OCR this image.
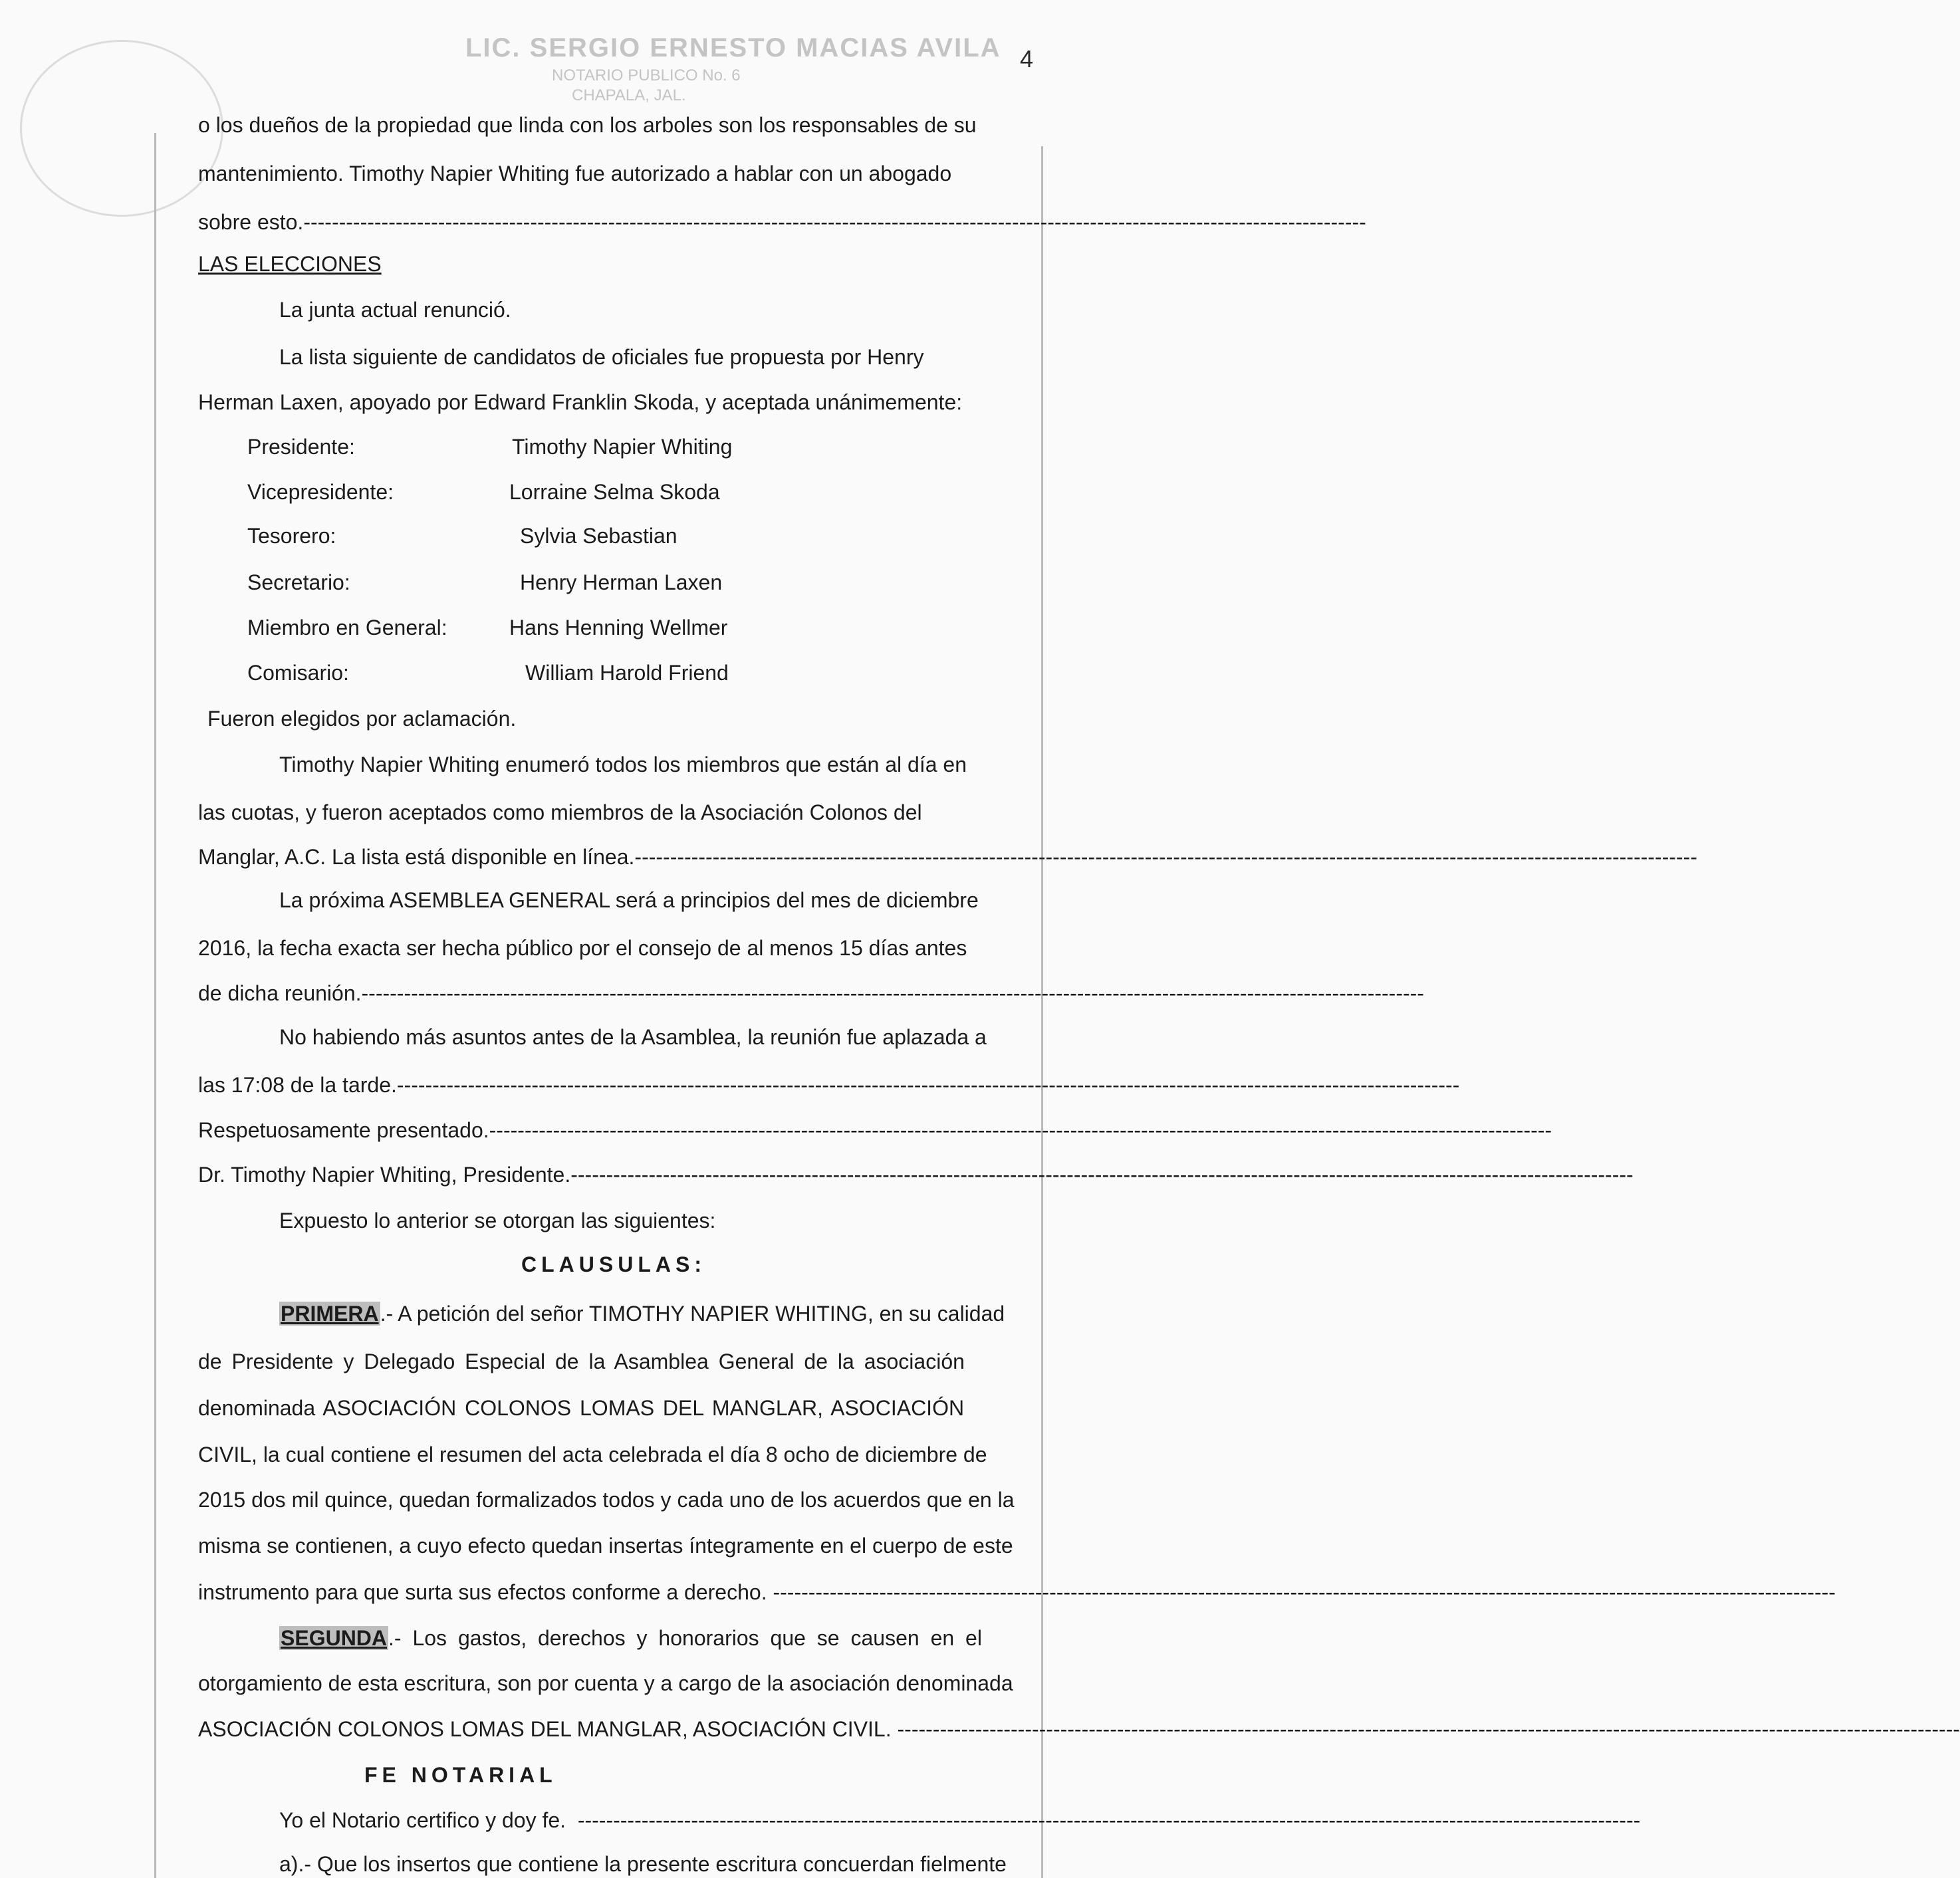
LIC. SERGIO ERNESTO MACIAS AVILA
NOTARIO PUBLICO No. 6
CHAPALA, JAL.
4
o los dueños de la propiedad que linda con los arboles son los responsables de su
mantenimiento. Timothy Napier Whiting fue autorizado a hablar con un abogado
sobre esto.------------------------------------------------------------------------------------------------------------------------------------------------------
LAS ELECCIONES
La junta actual renunció.
La lista siguiente de candidatos de oficiales fue propuesta por Henry
Herman Laxen, apoyado por Edward Franklin Skoda, y aceptada unánimemente:
Presidente:	Timothy Napier Whiting
Vicepresidente:	Lorraine Selma Skoda
Tesorero:	Sylvia Sebastian
Secretario:	Henry Herman Laxen
Miembro en General:	Hans Henning Wellmer
Comisario:	William Harold Friend
Fueron elegidos por aclamación.
Timothy Napier Whiting enumeró todos los miembros que están al día en
las cuotas, y fueron aceptados como miembros de la Asociación Colonos del
Manglar, A.C. La lista está disponible en línea.------------------------------------------------------------------------------------------------------------------------------------------------------
La próxima ASEMBLEA GENERAL será a principios del mes de diciembre
2016, la fecha exacta ser hecha público por el consejo de al menos 15 días antes
de dicha reunión.------------------------------------------------------------------------------------------------------------------------------------------------------
No habiendo más asuntos antes de la Asamblea, la reunión fue aplazada a
las 17:08 de la tarde.------------------------------------------------------------------------------------------------------------------------------------------------------
Respetuosamente presentado.------------------------------------------------------------------------------------------------------------------------------------------------------
Dr. Timothy Napier Whiting, Presidente.------------------------------------------------------------------------------------------------------------------------------------------------------
Expuesto lo anterior se otorgan las siguientes:
CLAUSULAS:
PRIMERA.- A petición del señor TIMOTHY NAPIER WHITING, en su calidad
de Presidente y Delegado Especial de la Asamblea General de la asociación
denominada ASOCIACIÓN COLONOS LOMAS DEL MANGLAR, ASOCIACIÓN
CIVIL, la cual contiene el resumen del acta celebrada el día 8 ocho de diciembre de
2015 dos mil quince, quedan formalizados todos y cada uno de los acuerdos que en la
misma se contienen, a cuyo efecto quedan insertas íntegramente en el cuerpo de este
instrumento para que surta sus efectos conforme a derecho. ------------------------------------------------------------------------------------------------------------------------------------------------------
SEGUNDA.- Los gastos, derechos y honorarios que se causen en el
otorgamiento de esta escritura, son por cuenta y a cargo de la asociación denominada
ASOCIACIÓN COLONOS LOMAS DEL MANGLAR, ASOCIACIÓN CIVIL. ------------------------------------------------------------------------------------------------------------------------------------------------------
FE NOTARIAL
Yo el Notario certifico y doy fe. ------------------------------------------------------------------------------------------------------------------------------------------------------
a).- Que los insertos que contiene la presente escritura concuerdan fielmente
